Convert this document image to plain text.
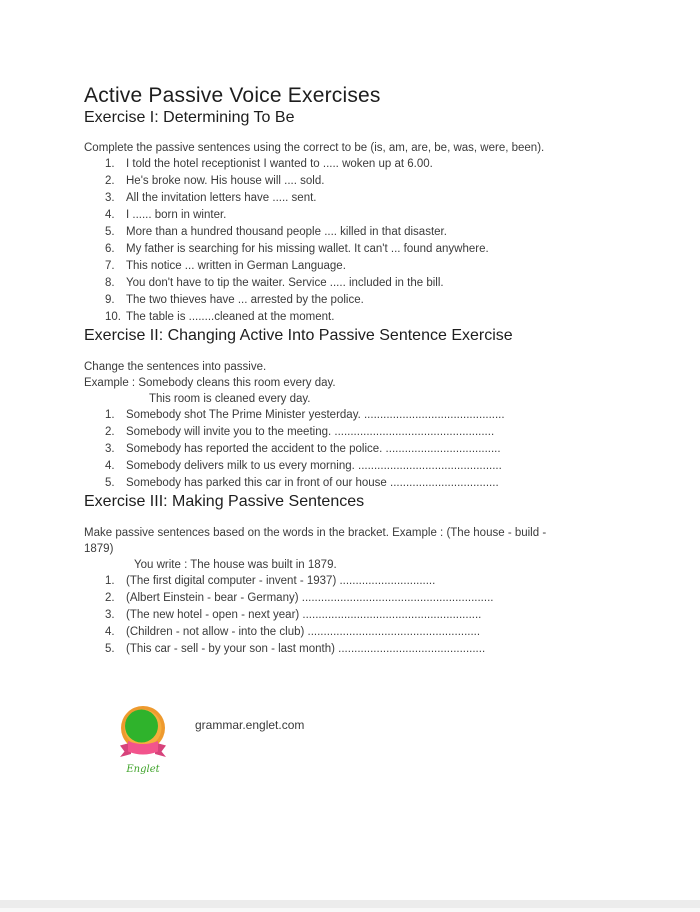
Active Passive Voice Exercises
Exercise I: Determining To Be

Complete the passive sentences using the correct to be (is, am, are, be, was, were, been).

1. I told the hotel receptionist I wanted to ..... woken up at 6.00.
2. He's broke now. His house will .... sold.
3. All the invitation letters have ..... sent.
4. I ...... born in winter.
5. More than a hundred thousand people .... killed in that disaster.
6. My father is searching for his missing wallet. It can't ... found anywhere.
7. This notice ... written in German Language.
8. You don't have to tip the waiter. Service ..... included in the bill.
9. The two thieves have ... arrested by the police.
10. The table is ........cleaned at the moment.
Exercise II: Changing Active Into Passive Sentence Exercise

Change the sentences into passive.

Example : Somebody cleans this room every day.

This room is cleaned every day.

1. Somebody shot The Prime Minister yesterday. ............................................
2. Somebody will invite you to the meeting. ..................................................
3. Somebody has reported the accident to the police. ....................................
4. Somebody delivers milk to us every morning. .............................................
5. Somebody has parked this car in front of our house ..................................
Exercise III: Making Passive Sentences

Make passive sentences based on the words in the bracket. Example : (The house - build -

1879)

You write : The house was built in 1879.

1. (The first digital computer - invent - 1937) ..............................
2. (Albert Einstein - bear - Germany) ............................................................
3. (The new hotel - open - next year) ........................................................
4. (Children - not allow - into the club) ......................................................
5. (This car - sell - by your son - last month) ..............................................
Englet
grammar.englet.com
